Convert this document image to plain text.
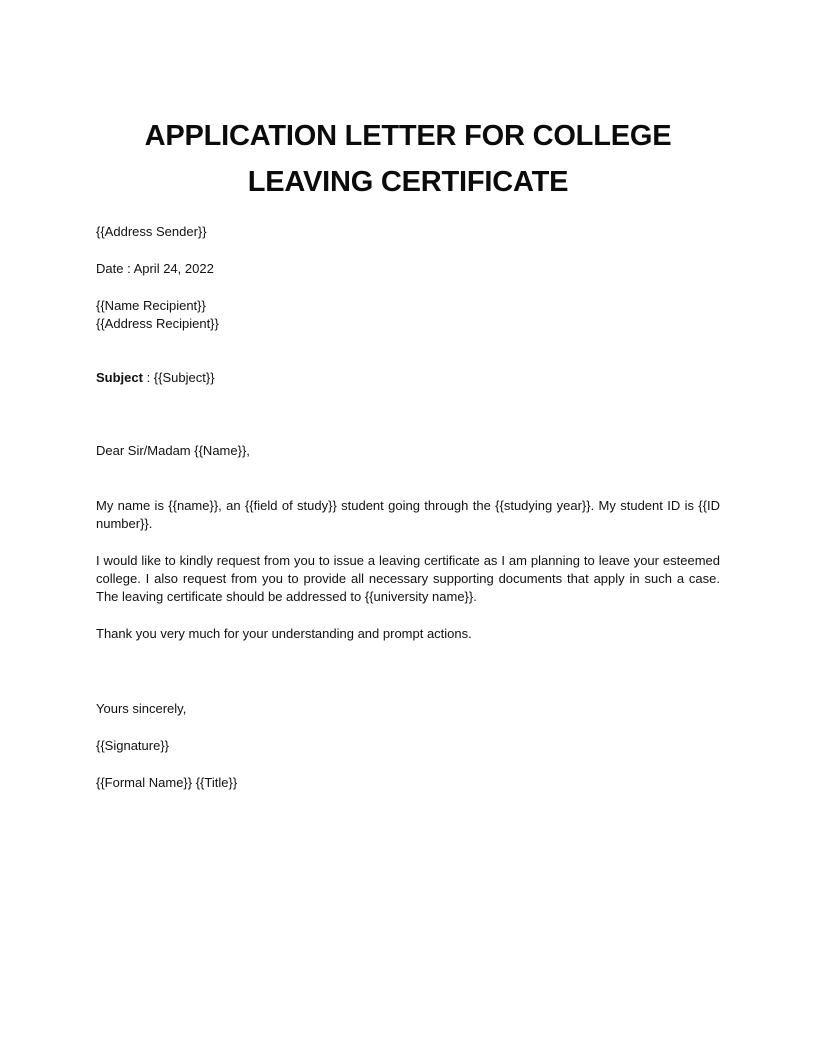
APPLICATION LETTER FOR COLLEGE
LEAVING CERTIFICATE

{{Address Sender}}

Date : April 24, 2022

{{Name Recipient}}

{{Address Recipient}}

Subject : {{Subject}}

Dear Sir/Madam {{Name}},

My name is {{name}}, an {{field of study}} student going through the {{studying year}}. My student ID is {{ID number}}.

I would like to kindly request from you to issue a leaving certificate as I am planning to leave your esteemed college. I also request from you to provide all necessary supporting documents that apply in such a case. The leaving certificate should be addressed to {{university name}}.

Thank you very much for your understanding and prompt actions.

Yours sincerely,

{{Signature}}

{{Formal Name}} {{Title}}
